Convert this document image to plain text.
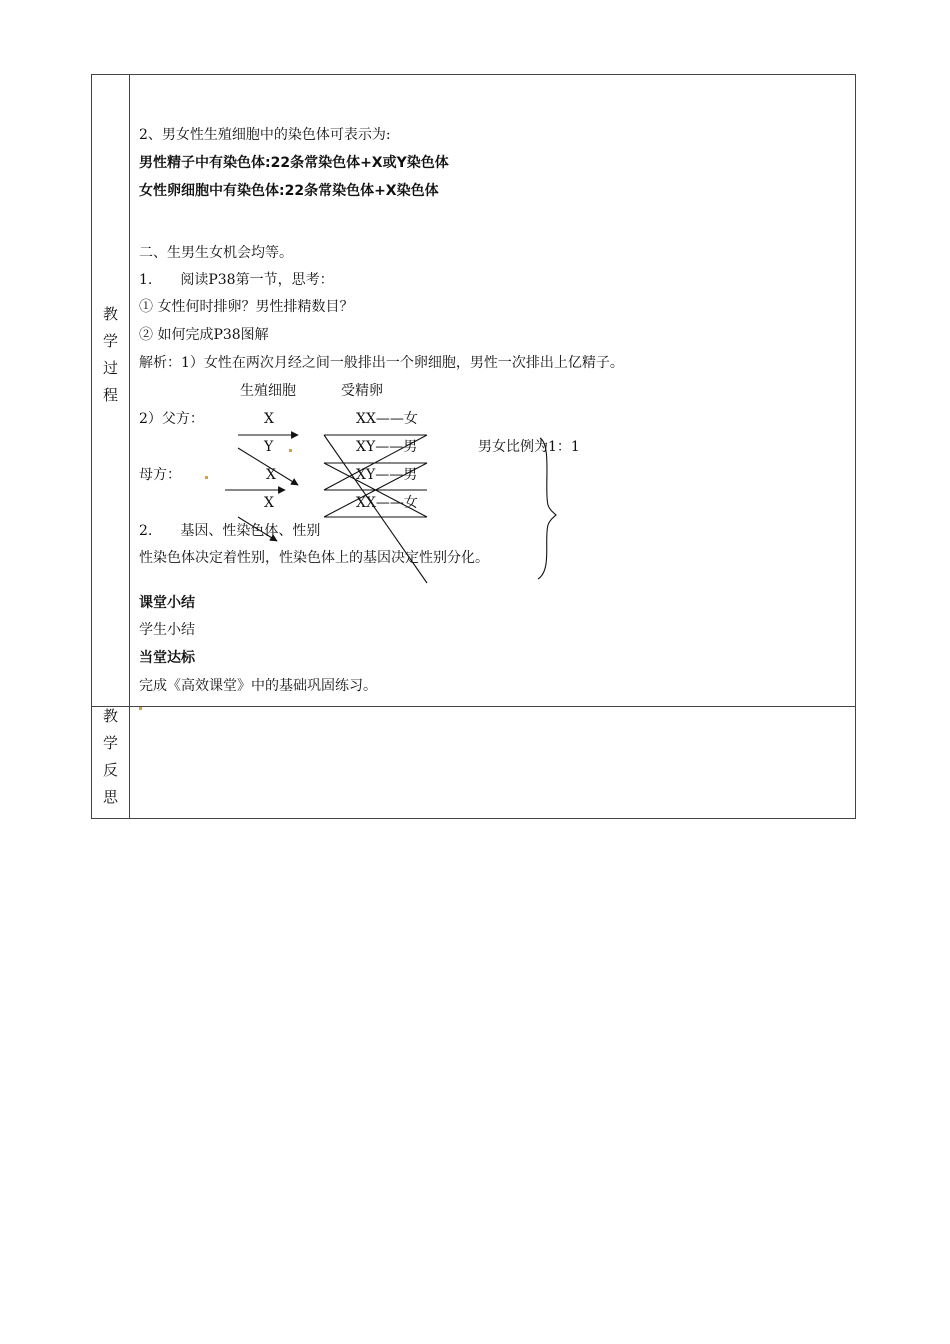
教
学
过
程
教
学
反
思
2、男女性生殖细胞中的染色体可表示为:
男性精子中有染色体:22条常染色体+X或Y染色体
女性卵细胞中有染色体:22条常染色体+X染色体
二、生男生女机会均等。
1.　　阅读P38第一节，思考：
① 女性何时排卵？男性排精数目？
② 如何完成P38图解
解析：1）女性在两次月经之间一般排出一个卵细胞，男性一次排出上亿精子。
生殖细胞	受精卵
2）父方：
母方：
X
Y
X
X
XX——女
XY——男
XY——男
XX——女
男女比例为1：1
2.　　基因、性染色体、性别
性染色体决定着性别，性染色体上的基因决定性别分化。
课堂小结
学生小结
当堂达标
完成《高效课堂》中的基础巩固练习。
